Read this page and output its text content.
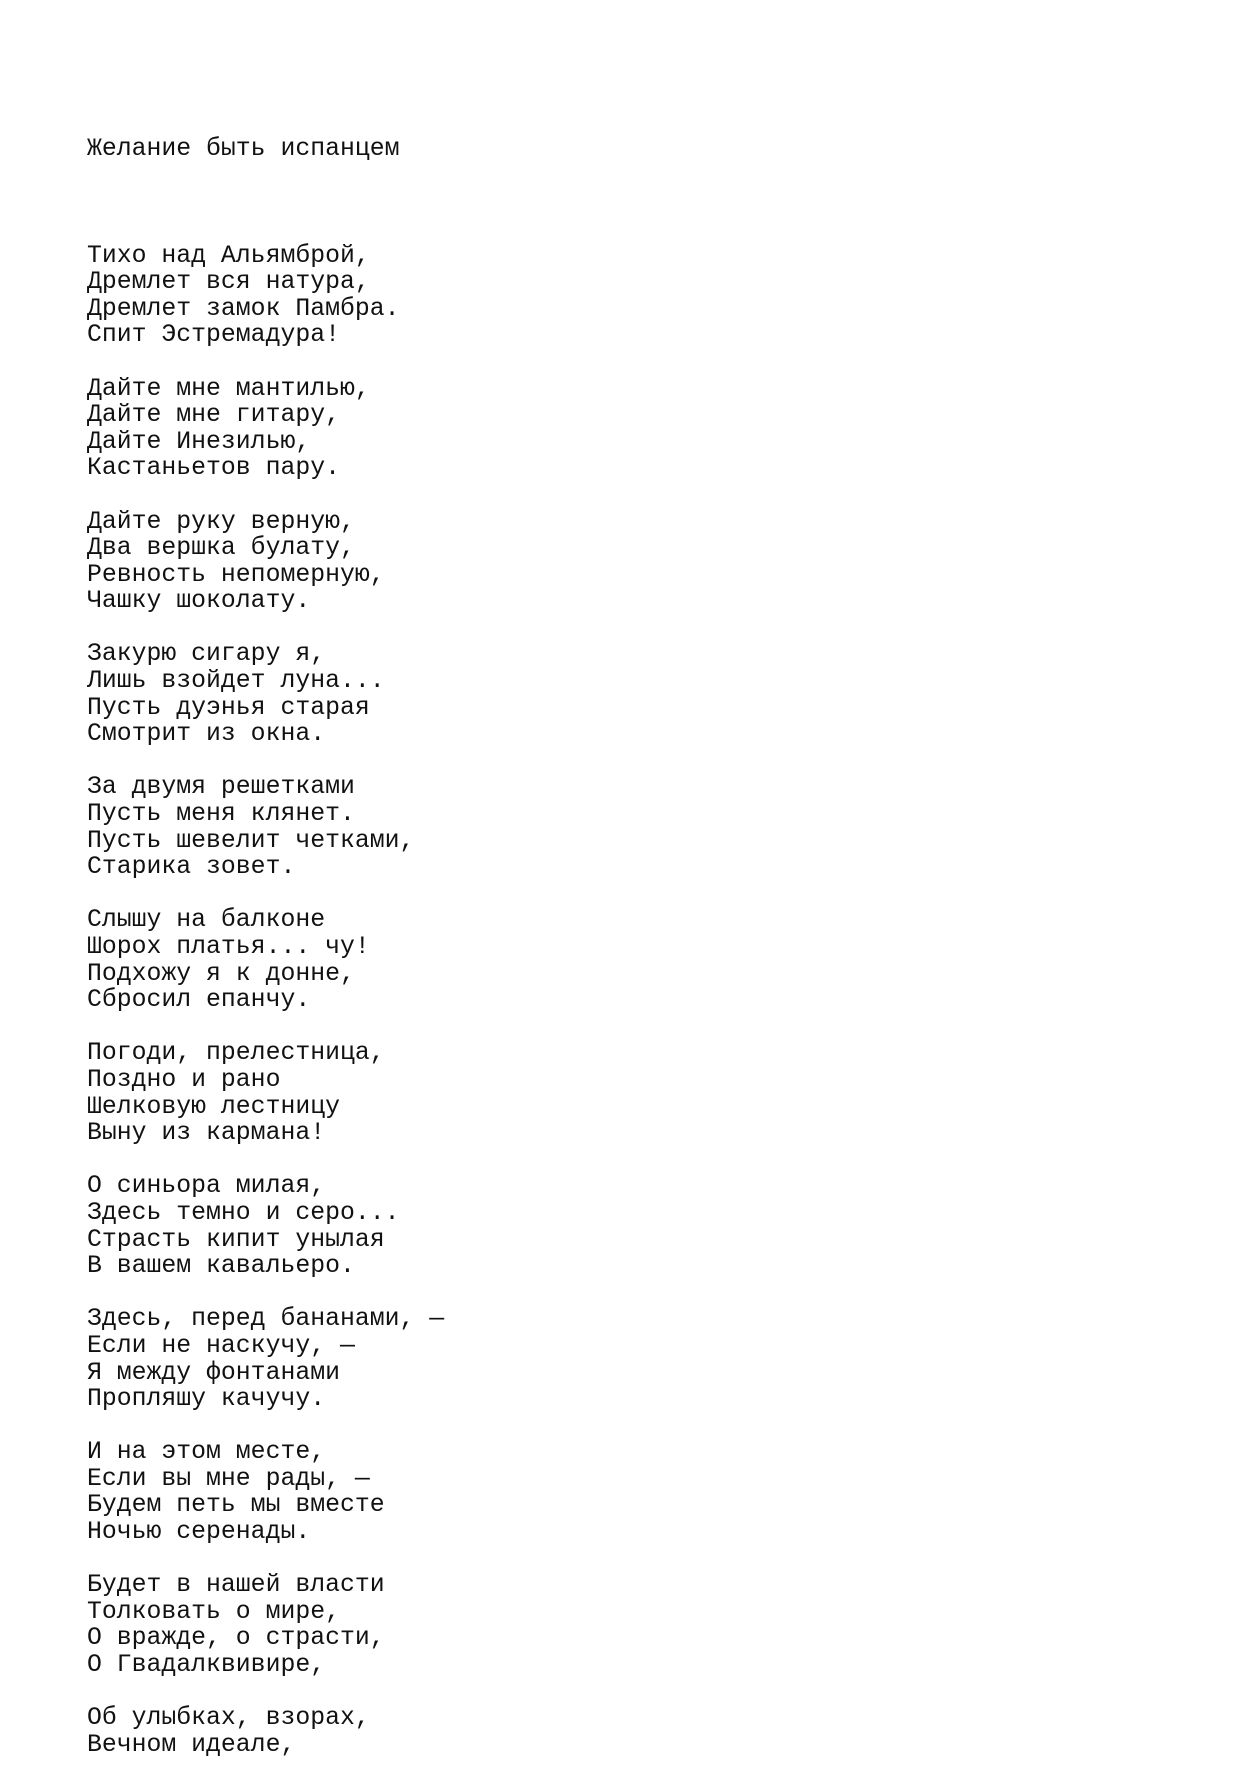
Желание быть испанцем

Тихо над Альямброй,
Дремлет вся натура,
Дремлет замок Памбра.
Спит Эстремадура!
Дайте мне мантилью,
Дайте мне гитару,
Дайте Инезилью,
Кастаньетов пару.
Дайте руку верную,
Два вершка булату,
Ревность непомерную,
Чашку шоколату.
Закурю сигару я,
Лишь взойдет луна...
Пусть дуэнья старая
Смотрит из окна.
За двумя решетками
Пусть меня клянет.
Пусть шевелит четками,
Старика зовет.
Слышу на балконе
Шорох платья... чу!
Подхожу я к донне,
Сбросил епанчу.
Погоди, прелестница,
Поздно и рано
Шелковую лестницу
Выну из кармана!
О синьора милая,
Здесь темно и серо...
Страсть кипит унылая
В вашем кавальеро.
Здесь, перед бананами, —
Если не наскучу, —
Я между фонтанами
Пропляшу качучу.
И на этом месте,
Если вы мне рады, —
Будем петь мы вместе
Ночью серенады.
Будет в нашей власти
Толковать о мире,
О вражде, о страсти,
О Гвадалквивире,
Об улыбках, взорах,
Вечном идеале,
